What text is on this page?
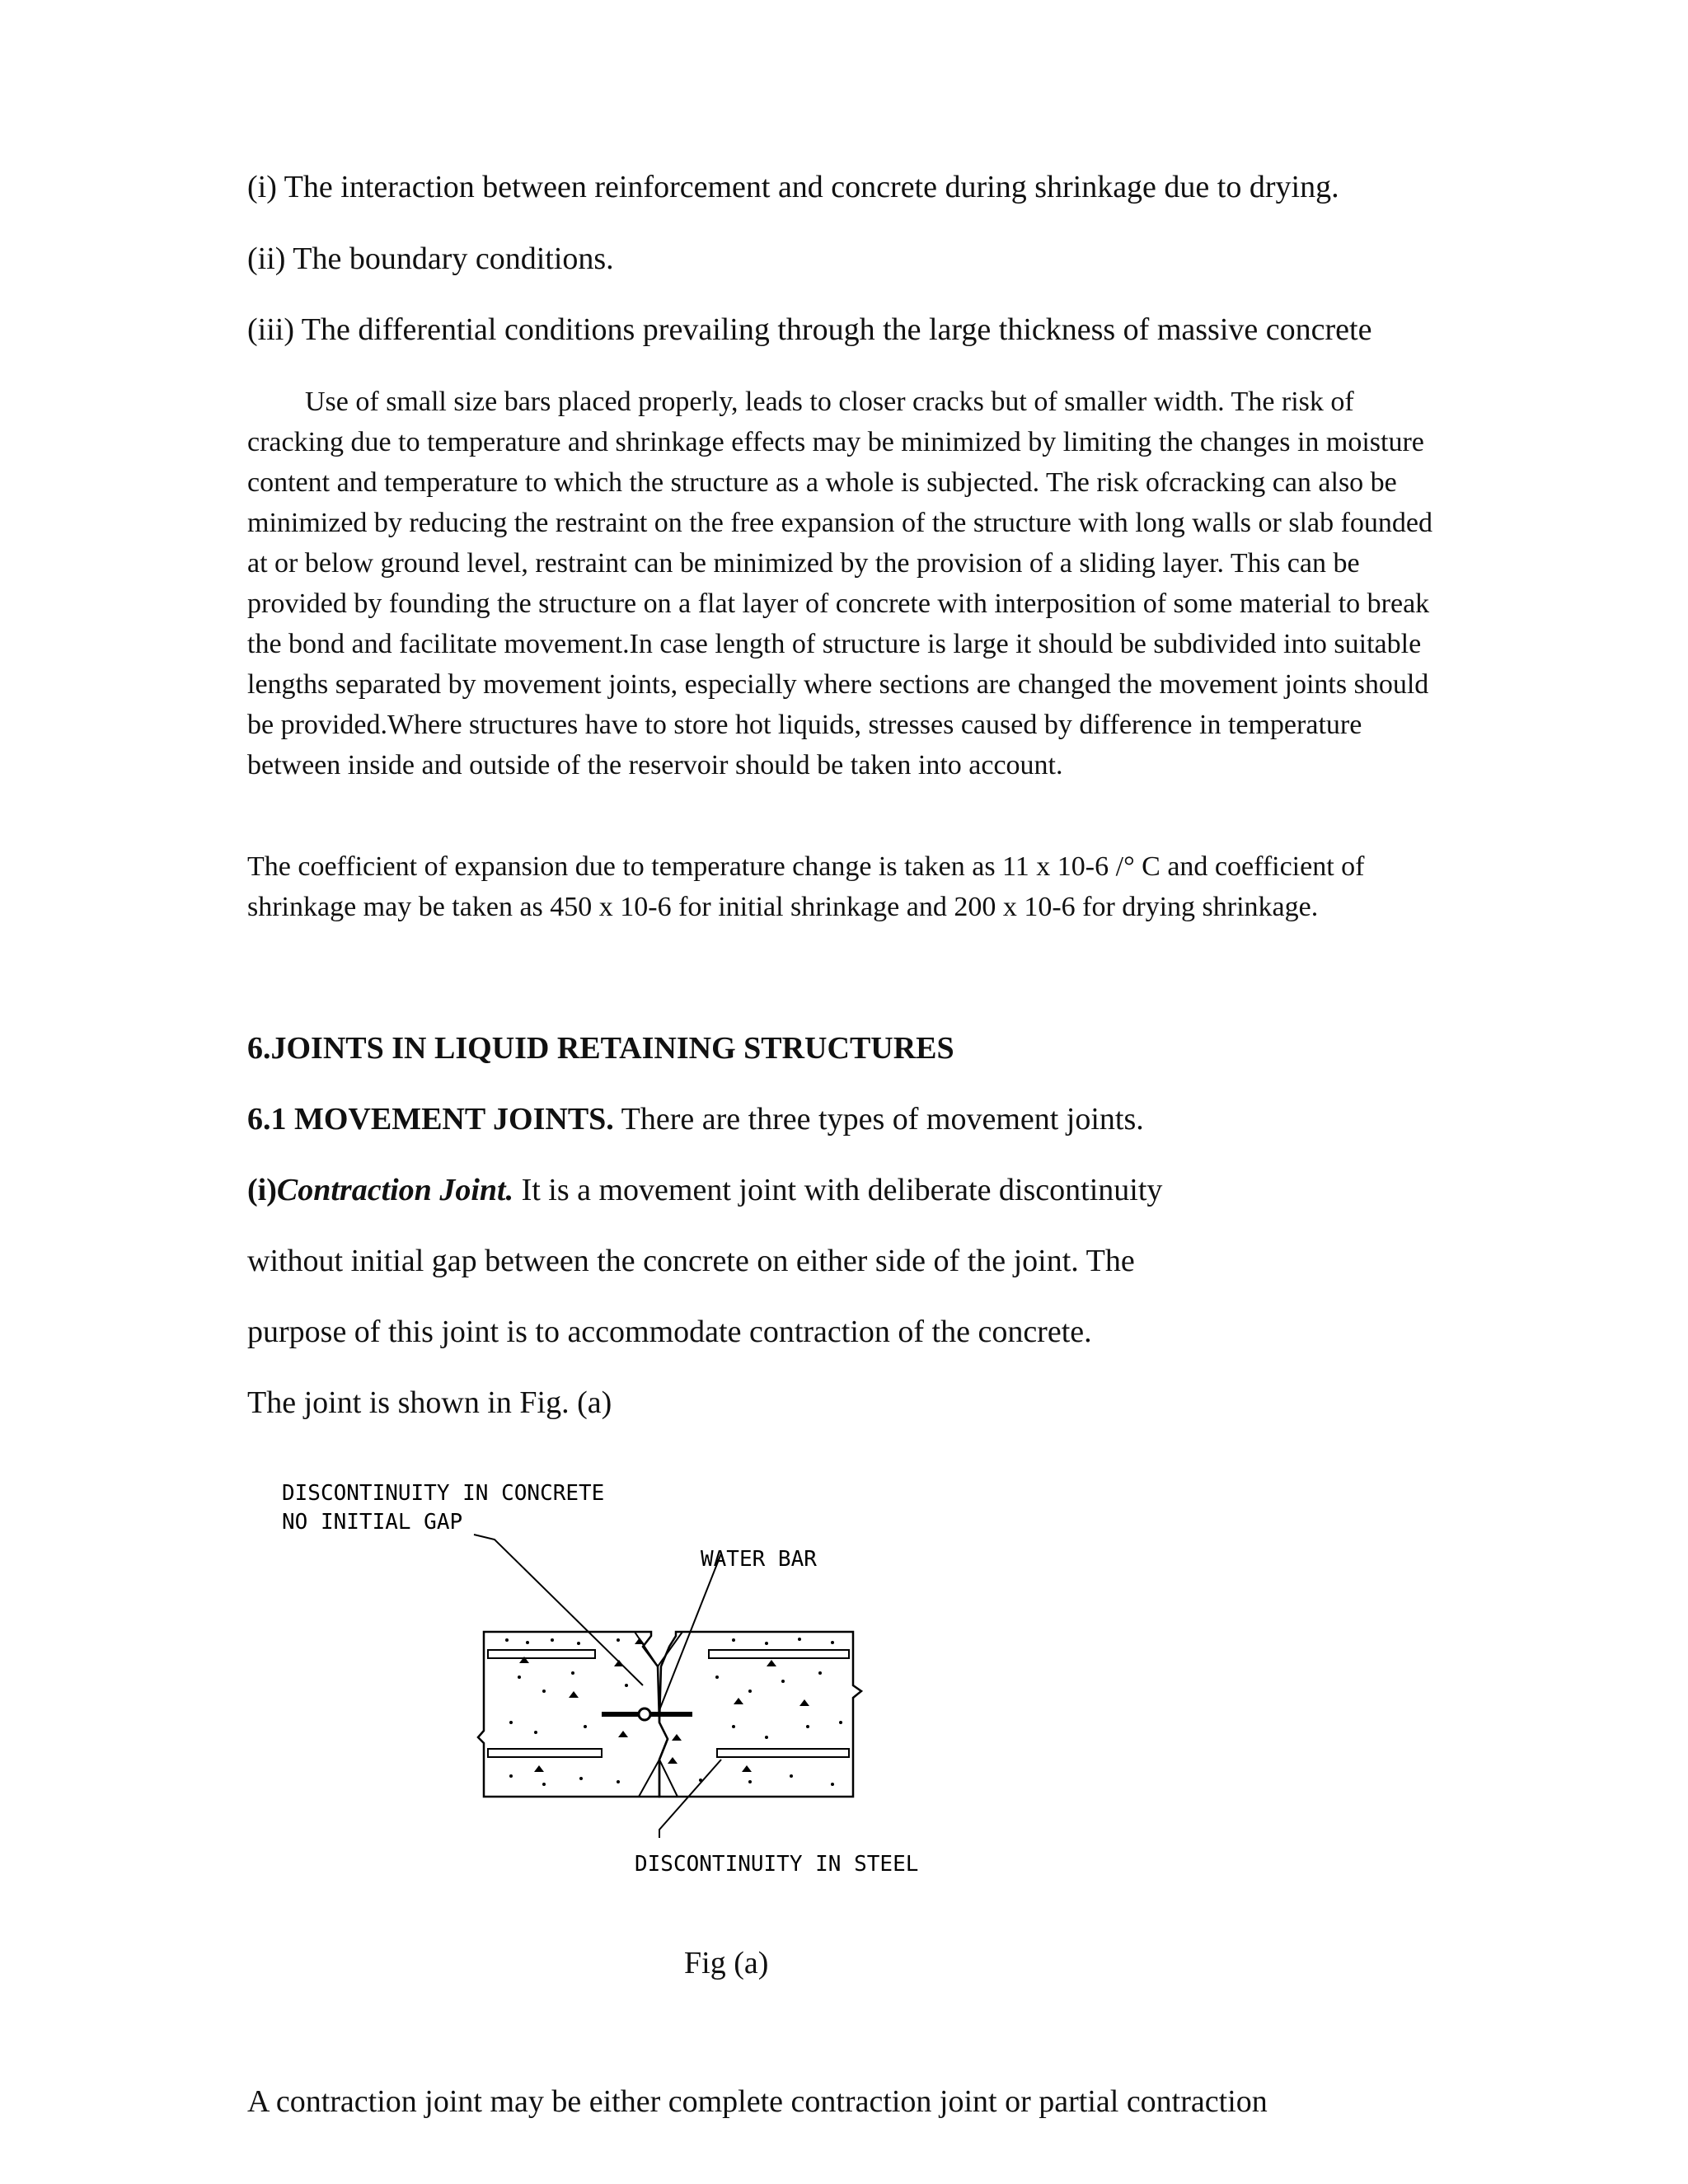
(i) The interaction between reinforcement and concrete during shrinkage due to drying.

(ii) The boundary conditions.

(iii) The differential conditions prevailing through the large thickness of massive concrete

Use of small size bars placed properly, leads to closer cracks but of smaller width. The risk of cracking due to temperature and shrinkage effects may be minimized by limiting the changes in moisture content and temperature to which the structure as a whole is subjected. The risk ofcracking can also be minimized by reducing the restraint on the free expansion of the structure with long walls or slab founded at or below ground level, restraint can be minimized by the provision of a sliding layer. This can be provided by founding the structure on a flat layer of concrete with interposition of some material to break the bond and facilitate movement.In case length of structure is large it should be subdivided into suitable lengths separated by movement joints, especially where sections are changed the movement joints should be provided.Where structures have to store hot liquids, stresses caused by difference in temperature between inside and outside of the reservoir should be taken into account.

The coefficient of expansion due to temperature change is taken as 11 x 10-6 /° C and coefficient of shrinkage may be taken as 450 x 10-6 for initial shrinkage and 200 x 10-6 for drying shrinkage.

6.JOINTS IN LIQUID RETAINING STRUCTURES

6.1 MOVEMENT JOINTS. There are three types of movement joints.

(i)Contraction Joint. It is a movement joint with deliberate discontinuity

without initial gap between the concrete on either side of the joint. The

purpose of this joint is to accommodate contraction of the concrete.

The joint is shown in Fig. (a)

DISCONTINUITY IN CONCRETE
NO INITIAL GAP
WATER BAR
DISCONTINUITY IN STEEL

Fig (a)

A contraction joint may be either complete contraction joint or partial contraction
